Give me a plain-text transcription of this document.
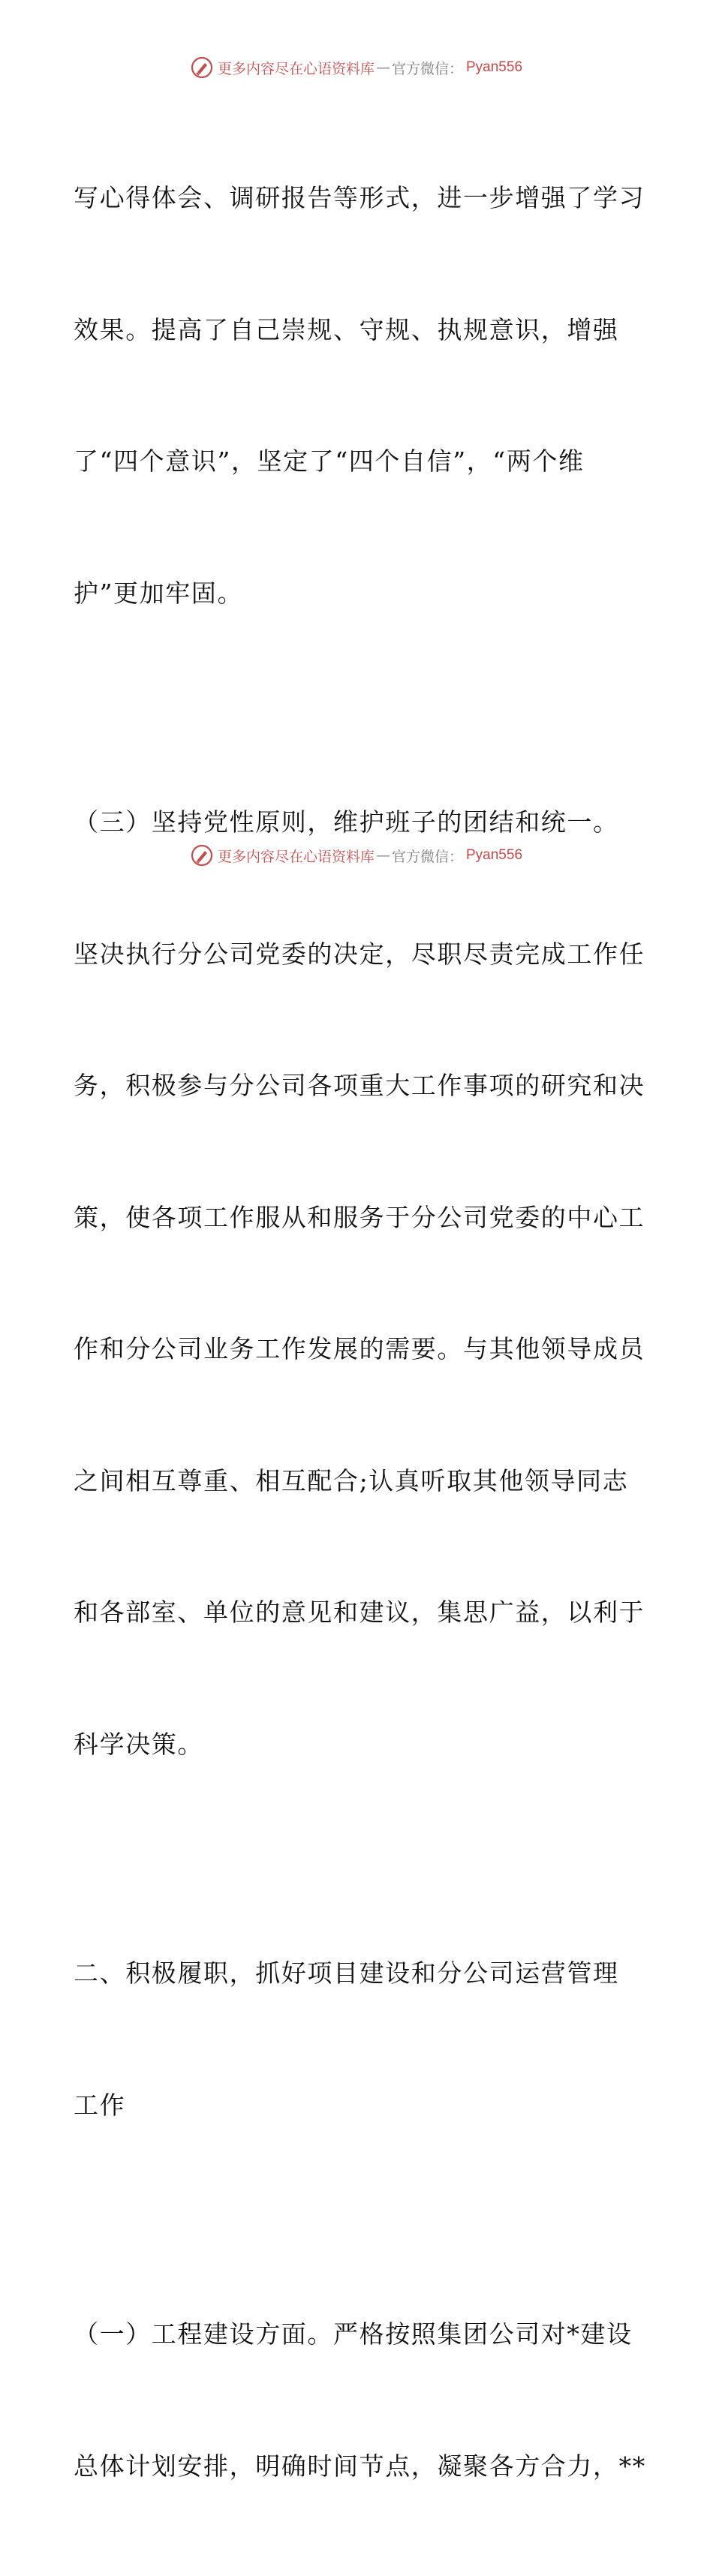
更多内容尽在心语资料库 — 官方微信： Pyan556

写心得体会、调研报告等形式，进一步增强了学习

效果。提高了自己崇规、守规、执规意识，增强

了“四个意识”，坚定了“四个自信”，“两个维

护”更加牢固。

（三）坚持党性原则，维护班子的团结和统一。

坚决执行分公司党委的决定，尽职尽责完成工作任

务，积极参与分公司各项重大工作事项的研究和决

策，使各项工作服从和服务于分公司党委的中心工

作和分公司业务工作发展的需要。与其他领导成员

之间相互尊重、相互配合;认真听取其他领导同志

和各部室、单位的意见和建议，集思广益，以利于

科学决策。

二、积极履职，抓好项目建设和分公司运营管理

工作

（一）工程建设方面。严格按照集团公司对*建设

总体计划安排，明确时间节点，凝聚各方合力，**

更多内容尽在心语资料库 — 官方微信： Pyan556
